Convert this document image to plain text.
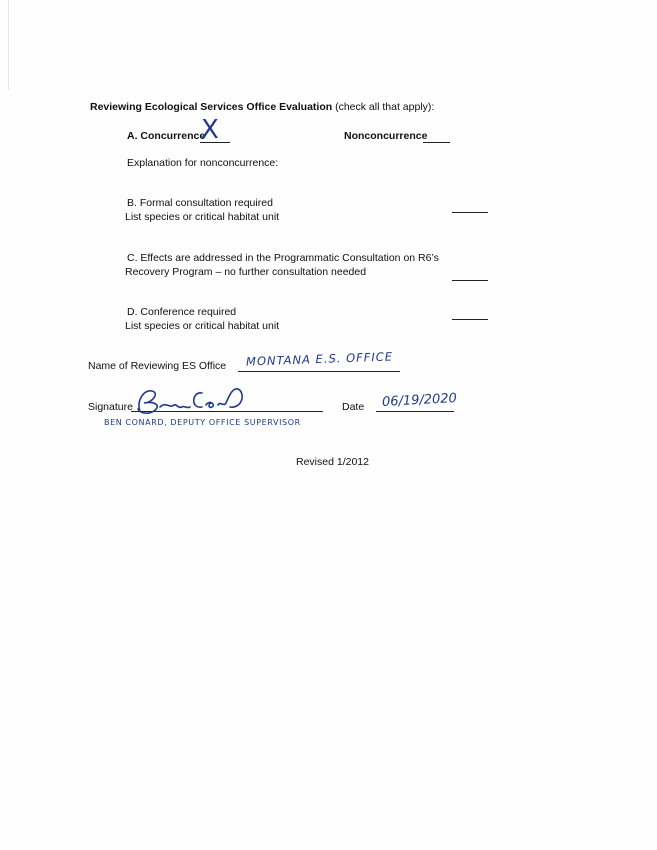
Reviewing Ecological Services Office Evaluation (check all that apply):
A. Concurrence
X	Nonconcurrence
Explanation for nonconcurrence:
B. Formal consultation required
List species or critical habitat unit
C. Effects are addressed in the Programmatic Consultation on R6’s
Recovery Program – no further consultation needed
D. Conference required
List species or critical habitat unit
Name of Reviewing ES Office MONTANA E.S. OFFICE
Signature
BEN CONARD, DEPUTY OFFICE SUPERVISOR
Date 06/19/2020
Revised 1/2012
